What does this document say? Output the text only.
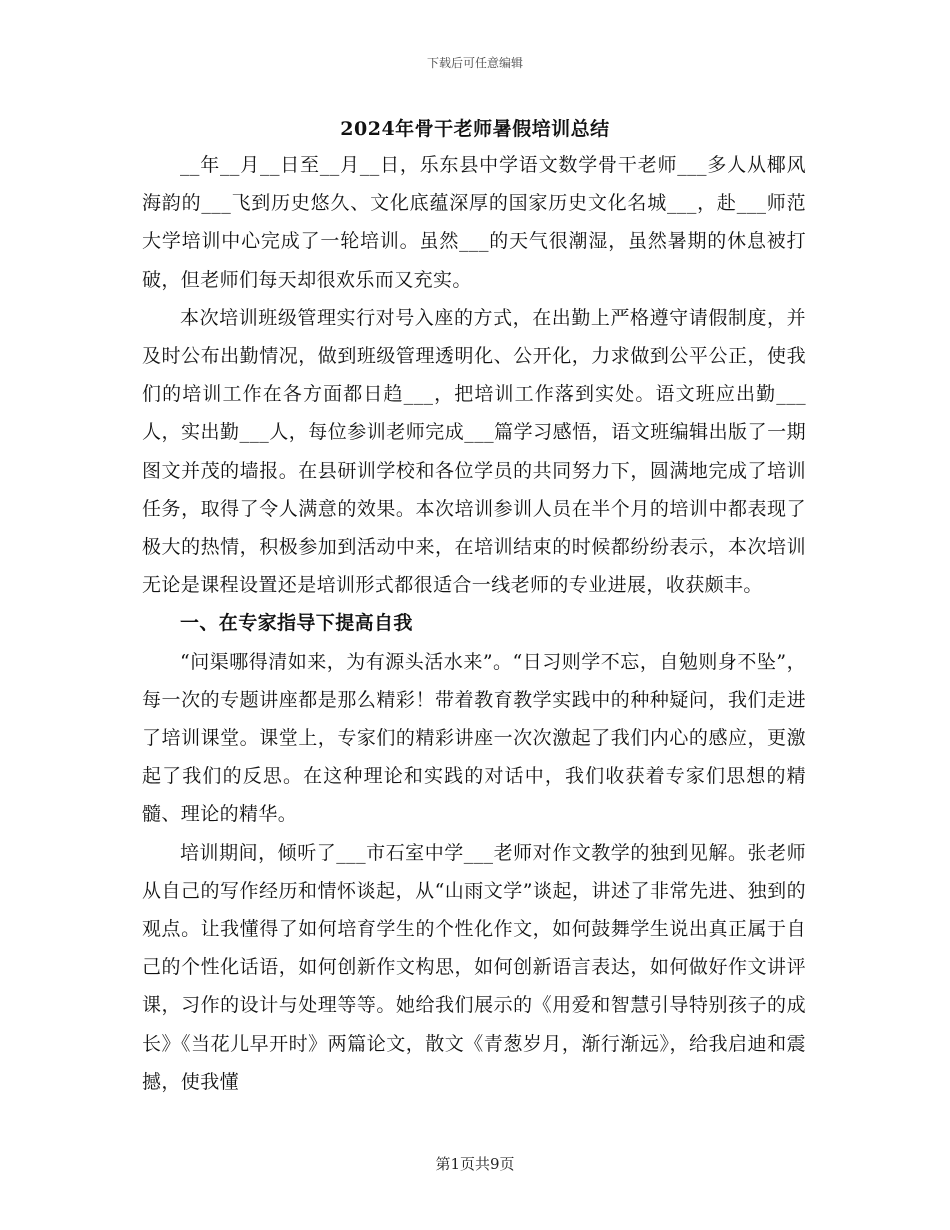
下载后可任意编辑
2024年骨干老师暑假培训总结

__年__月__日至__月__日，乐东县中学语文数学骨干老师___多人从椰风海韵的___飞到历史悠久、文化底蕴深厚的国家历史文化名城___，赴___师范大学培训中心完成了一轮培训。虽然___的天气很潮湿，虽然暑期的休息被打破，但老师们每天却很欢乐而又充实。

本次培训班级管理实行对号入座的方式，在出勤上严格遵守请假制度，并及时公布出勤情况，做到班级管理透明化、公开化，力求做到公平公正，使我们的培训工作在各方面都日趋___，把培训工作落到实处。语文班应出勤___人，实出勤___人，每位参训老师完成___篇学习感悟，语文班编辑出版了一期图文并茂的墙报。在县研训学校和各位学员的共同努力下，圆满地完成了培训任务，取得了令人满意的效果。本次培训参训人员在半个月的培训中都表现了极大的热情，积极参加到活动中来，在培训结束的时候都纷纷表示，本次培训无论是课程设置还是培训形式都很适合一线老师的专业进展，收获颇丰。

一、在专家指导下提高自我

“问渠哪得清如来，为有源头活水来”。“日习则学不忘，自勉则身不坠”，每一次的专题讲座都是那么精彩！带着教育教学实践中的种种疑问，我们走进了培训课堂。课堂上，专家们的精彩讲座一次次激起了我们内心的感应，更激起了我们的反思。在这种理论和实践的对话中，我们收获着专家们思想的精髓、理论的精华。

培训期间，倾听了___市石室中学___老师对作文教学的独到见解。张老师从自己的写作经历和情怀谈起，从“山雨文学”谈起，讲述了非常先进、独到的观点。让我懂得了如何培育学生的个性化作文，如何鼓舞学生说出真正属于自己的个性化话语，如何创新作文构思，如何创新语言表达，如何做好作文讲评课，习作的设计与处理等等。她给我们展示的《用爱和智慧引导特别孩子的成长》《当花儿早开时》两篇论文，散文《青葱岁月，渐行渐远》，给我启迪和震撼，使我懂

第1页共9页
